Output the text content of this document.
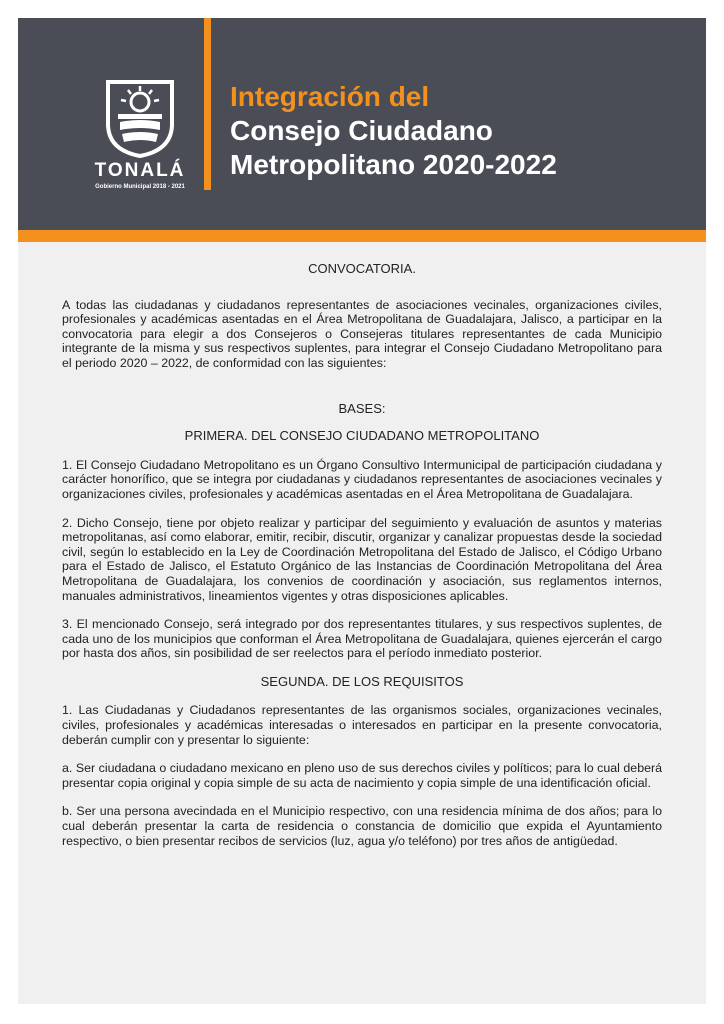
TONALÁ
Gobierno Municipal 2018 - 2021
Integración del
Consejo Ciudadano
Metropolitano 2020-2022

CONVOCATORIA.

A todas las ciudadanas y ciudadanos representantes de asociaciones vecinales, organizaciones civiles, profesionales y académicas asentadas en el Área Metropolitana de Guadalajara, Jalisco, a participar en la convocatoria para elegir a dos Consejeros o Consejeras titulares representantes de cada Municipio integrante de la misma y sus respectivos suplentes, para integrar el Consejo Ciudadano Metropolitano para el periodo 2020 – 2022, de conformidad con las siguientes:

BASES:

PRIMERA. DEL CONSEJO CIUDADANO METROPOLITANO

1. El Consejo Ciudadano Metropolitano es un Órgano Consultivo Intermunicipal de participación ciudadana y carácter honorífico, que se integra por ciudadanas y ciudadanos representantes de asociaciones vecinales y organizaciones civiles, profesionales y académicas asentadas en el Área Metropolitana de Guadalajara.

2. Dicho Consejo, tiene por objeto realizar y participar del seguimiento y evaluación de asuntos y materias metropolitanas, así como elaborar, emitir, recibir, discutir, organizar y canalizar propuestas desde la sociedad civil, según lo establecido en la Ley de Coordinación Metropolitana del Estado de Jalisco, el Código Urbano para el Estado de Jalisco, el Estatuto Orgánico de las Instancias de Coordinación Metropolitana del Área Metropolitana de Guadalajara, los convenios de coordinación y asociación, sus reglamentos internos, manuales administrativos, lineamientos vigentes y otras disposiciones aplicables.

3. El mencionado Consejo, será integrado por dos representantes titulares, y sus respectivos suplentes, de cada uno de los municipios que conforman el Área Metropolitana de Guadalajara, quienes ejercerán el cargo por hasta dos años, sin posibilidad de ser reelectos para el período inmediato posterior.

SEGUNDA. DE LOS REQUISITOS

1. Las Ciudadanas y Ciudadanos representantes de las organismos sociales, organizaciones vecinales, civiles, profesionales y académicas interesadas o interesados en participar en la presente convocatoria, deberán cumplir con y presentar lo siguiente:

a. Ser ciudadana o ciudadano mexicano en pleno uso de sus derechos civiles y políticos; para lo cual deberá presentar copia original y copia simple de su acta de nacimiento y copia simple de una identificación oficial.

b. Ser una persona avecindada en el Municipio respectivo, con una residencia mínima de dos años; para lo cual deberán presentar la carta de residencia o constancia de domicilio que expida el Ayuntamiento respectivo, o bien presentar recibos de servicios (luz, agua y/o teléfono) por tres años de antigüedad.
